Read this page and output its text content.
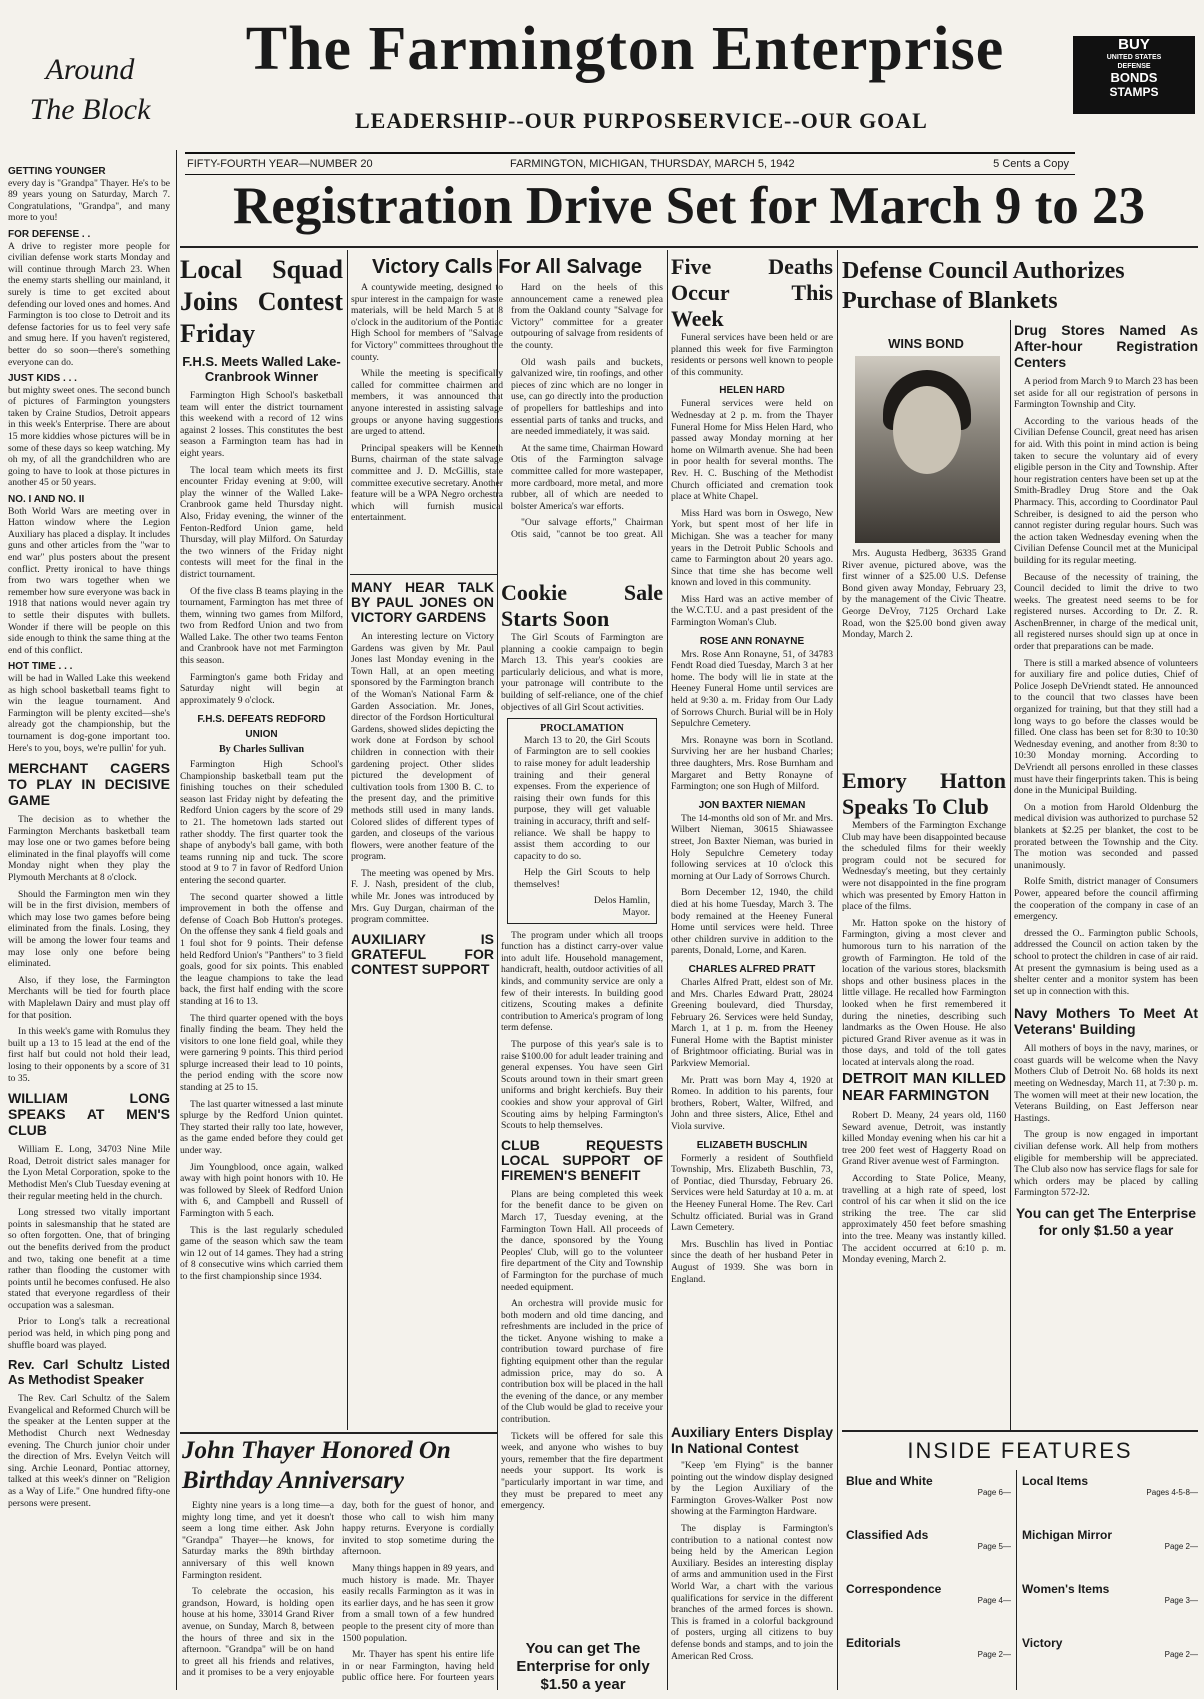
Around
The Block
The Farmington Enterprise
LEADERSHIP--OUR PURPOSE
SERVICE--OUR GOAL
BUY
UNITED STATES
DEFENSE
BONDS
STAMPS
FIFTY-FOURTH YEAR—NUMBER 20	FARMINGTON, MICHIGAN, THURSDAY, MARCH 5, 1942	5 Cents a Copy
Registration Drive Set for March 9 to 23
GETTING YOUNGER

every day is "Grandpa" Thayer. He's to be 89 years young on Saturday, March 7. Congratulations, "Grandpa", and many more to you!

FOR DEFENSE . .

A drive to register more people for civilian defense work starts Monday and will continue through March 23. When the enemy starts shelling our mainland, it surely is time to get excited about defending our loved ones and homes. And Farmington is too close to Detroit and its defense factories for us to feel very safe and smug here. If you haven't registered, better do so soon—there's something everyone can do.

JUST KIDS . . .

but mighty sweet ones. The second bunch of pictures of Farmington youngsters taken by Craine Studios, Detroit appears in this week's Enterprise. There are about 15 more kiddies whose pictures will be in some of these days so keep watching. My oh my, of all the grandchildren who are going to have to look at those pictures in another 45 or 50 years.

NO. I AND NO. II

Both World Wars are meeting over in Hatton window where the Legion Auxiliary has placed a display. It includes guns and other articles from the "war to end war" plus posters about the present conflict. Pretty ironical to have things from two wars together when we remember how sure everyone was back in 1918 that nations would never again try to settle their disputes with bullets. Wonder if there will be people on this side enough to think the same thing at the end of this conflict.

HOT TIME . . .

will be had in Walled Lake this weekend as high school basketball teams fight to win the league tournament. And Farmington will be plenty excited—she's already got the championship, but the tournament is dog-gone important too. Here's to you, boys, we're pullin' for yuh.

MERCHANT CAGERS TO PLAY IN DECISIVE GAME

The decision as to whether the Farmington Merchants basketball team may lose one or two games before being eliminated in the final playoffs will come Monday night when they play the Plymouth Merchants at 8 o'clock.

Should the Farmington men win they will be in the first division, members of which may lose two games before being eliminated from the finals. Losing, they will be among the lower four teams and may lose only one before being eliminated.

Also, if they lose, the Farmington Merchants will be tied for fourth place with Maplelawn Dairy and must play off for that position.

In this week's game with Romulus they built up a 13 to 15 lead at the end of the first half but could not hold their lead, losing to their opponents by a score of 31 to 35.

WILLIAM LONG SPEAKS AT MEN'S CLUB

William E. Long, 34703 Nine Mile Road, Detroit district sales manager for the Lyon Metal Corporation, spoke to the Methodist Men's Club Tuesday evening at their regular meeting held in the church.

Long stressed two vitally important points in salesmanship that he stated are so often forgotten. One, that of bringing out the benefits derived from the product and two, taking one benefit at a time rather than flooding the customer with points until he becomes confused. He also stated that everyone regardless of their occupation was a salesman.

Prior to Long's talk a recreational period was held, in which ping pong and shuffle board was played.

Rev. Carl Schultz Listed As Methodist Speaker

The Rev. Carl Schultz of the Salem Evangelical and Reformed Church will be the speaker at the Lenten supper at the Methodist Church next Wednesday evening. The Church junior choir under the direction of Mrs. Evelyn Veitch will sing. Archie Leonard, Pontiac attorney, talked at this week's dinner on "Religion as a Way of Life." One hundred fifty-one persons were present.

Local Squad Joins Contest Friday
F.H.S. Meets Walled Lake-Cranbrook Winner

Farmington High School's basketball team will enter the district tournament this weekend with a record of 12 wins against 2 losses. This constitutes the best season a Farmington team has had in eight years.

The local team which meets its first encounter Friday evening at 9:00, will play the winner of the Walled Lake-Cranbrook game held Thursday night. Also, Friday evening, the winner of the Fenton-Redford Union game, held Thursday, will play Milford. On Saturday the two winners of the Friday night contests will meet for the final in the district tournament.

Of the five class B teams playing in the tournament, Farmington has met three of them, winning two games from Milford, two from Redford Union and two from Walled Lake. The other two teams Fenton and Cranbrook have not met Farmington this season.

Farmington's game both Friday and Saturday night will begin at approximately 9 o'clock.

F.H.S. DEFEATS REDFORD UNION
By Charles Sullivan

Farmington High School's Championship basketball team put the finishing touches on their scheduled season last Friday night by defeating the Redford Union cagers by the score of 29 to 21. The hometown lads started out rather shoddy. The first quarter took the shape of anybody's ball game, with both teams running nip and tuck. The score stood at 9 to 7 in favor of Redford Union entering the second quarter.

The second quarter showed a little improvement in both the offense and defense of Coach Bob Hutton's proteges. On the offense they sank 4 field goals and 1 foul shot for 9 points. Their defense held Redford Union's "Panthers" to 3 field goals, good for six points. This enabled the league champions to take the lead back, the first half ending with the score standing at 16 to 13.

The third quarter opened with the boys finally finding the beam. They held the visitors to one lone field goal, while they were garnering 9 points. This third period splurge increased their lead to 10 points, the period ending with the score now standing at 25 to 15.

The last quarter witnessed a last minute splurge by the Redford Union quintet. They started their rally too late, however, as the game ended before they could get under way.

Jim Youngblood, once again, walked away with high point honors with 10. He was followed by Sleek of Redford Union with 6, and Campbell and Russell of Farmington with 5 each.

This is the last regularly scheduled game of the season which saw the team win 12 out of 14 games. They had a string of 8 consecutive wins which carried them to the first championship since 1934.

Victory Calls For All Salvage

A countywide meeting, designed to spur interest in the campaign for waste materials, will be held March 5 at 8 o'clock in the auditorium of the Pontiac High School for members of "Salvage for Victory" committees throughout the county.

While the meeting is specifically called for committee chairmen and members, it was announced that anyone interested in assisting salvage groups or anyone having suggestions are urged to attend.

Principal speakers will be Kenneth Burns, chairman of the state salvage committee and J. D. McGillis, state committee executive secretary. Another feature will be a WPA Negro orchestra which will furnish musical entertainment.

Hard on the heels of this announcement came a renewed plea from the Oakland county "Salvage for Victory" committee for a greater outpouring of salvage from residents of the county.

Old wash pails and buckets, galvanized wire, tin roofings, and other pieces of zinc which are no longer in use, can go directly into the production of propellers for battleships and into essential parts of tanks and trucks, and are needed immediately, it was said.

At the same time, Chairman Howard Otis of the Farmington salvage committee called for more wastepaper, more cardboard, more metal, and more rubber, all of which are needed to bolster America's war efforts.

"Our salvage efforts," Chairman Otis said, "cannot be too great. All

MANY HEAR TALK BY PAUL JONES ON VICTORY GARDENS

An interesting lecture on Victory Gardens was given by Mr. Paul Jones last Monday evening in the Town Hall, at an open meeting sponsored by the Farmington branch of the Woman's National Farm & Garden Association. Mr. Jones, director of the Fordson Horticultural Gardens, showed slides depicting the work done at Fordson by school children in connection with their gardening project. Other slides pictured the development of cultivation tools from 1300 B. C. to the present day, and the primitive methods still used in many lands. Colored slides of different types of garden, and closeups of the various flowers, were another feature of the program.

The meeting was opened by Mrs. F. J. Nash, president of the club, while Mr. Jones was introduced by Mrs. Guy Durgan, chairman of the program committee.

AUXILIARY IS GRATEFUL FOR CONTEST SUPPORT

Cookie Sale Starts Soon

The Girl Scouts of Farmington are planning a cookie campaign to begin March 13. This year's cookies are particularly delicious, and what is more, your patronage will contribute to the building of self-reliance, one of the chief objectives of all Girl Scout activities.

PROCLAMATION

March 13 to 20, the Girl Scouts of Farmington are to sell cookies to raise money for adult leadership training and their general expenses. From the experience of raising their own funds for this purpose, they will get valuable training in accuracy, thrift and self-reliance. We shall be happy to assist them according to our capacity to do so.

Help the Girl Scouts to help themselves!

Delos Hamlin,
Mayor.

The program under which all troops function has a distinct carry-over value into adult life. Household management, handicraft, health, outdoor activities of all kinds, and community service are only a few of their interests. In building good citizens, Scouting makes a definite contribution to America's program of long term defense.

The purpose of this year's sale is to raise $100.00 for adult leader training and general expenses. You have seen Girl Scouts around town in their smart green uniforms and bright kerchiefs. Buy their cookies and show your approval of Girl Scouting aims by helping Farmington's Scouts to help themselves.

CLUB REQUESTS LOCAL SUPPORT OF FIREMEN'S BENEFIT

Plans are being completed this week for the benefit dance to be given on March 17, Tuesday evening, at the Farmington Town Hall. All proceeds of the dance, sponsored by the Young Peoples' Club, will go to the volunteer fire department of the City and Township of Farmington for the purchase of much needed equipment.

An orchestra will provide music for both modern and old time dancing, and refreshments are included in the price of the ticket. Anyone wishing to make a contribution toward purchase of fire fighting equipment other than the regular admission price, may do so. A contribution box will be placed in the hall the evening of the dance, or any member of the Club would be glad to receive your contribution.

Tickets will be offered for sale this week, and anyone who wishes to buy yours, remember that the fire department needs your support. Its work is "particularly important in war time, and they must be prepared to meet any emergency.

You can get The Enterprise for only $1.50 a year
John Thayer Honored On Birthday Anniversary

Eighty nine years is a long time—a mighty long time, and yet it doesn't seem a long time either. Ask John "Grandpa" Thayer—he knows, for Saturday marks the 89th birthday anniversary of this well known Farmington resident.

To celebrate the occasion, his grandson, Howard, is holding open house at his home, 33014 Grand River avenue, on Sunday, March 8, between the hours of three and six in the afternoon. "Grandpa" will be on hand to greet all his friends and relatives, and it promises to be a very enjoyable day, both for the guest of honor, and those who call to wish him many happy returns. Everyone is cordially invited to stop sometime during the afternoon.

Many things happen in 89 years, and much history is made. Mr. Thayer easily recalls Farmington as it was in its earlier days, and he has seen it grow from a small town of a few hundred people to the present city of more than 1500 population.

Mr. Thayer has spent his entire life in or near Farmington, having held public office here. For fourteen years

Five Deaths Occur This Week

Funeral services have been held or are planned this week for five Farmington residents or persons well known to people of this community.

HELEN HARD

Funeral services were held on Wednesday at 2 p. m. from the Thayer Funeral Home for Miss Helen Hard, who passed away Monday morning at her home on Wilmarth avenue. She had been in poor health for several months. The Rev. H. C. Busching of the Methodist Church officiated and cremation took place at White Chapel.

Miss Hard was born in Oswego, New York, but spent most of her life in Michigan. She was a teacher for many years in the Detroit Public Schools and came to Farmington about 20 years ago. Since that time she has become well known and loved in this community.

Miss Hard was an active member of the W.C.T.U. and a past president of the Farmington Woman's Club.

ROSE ANN RONAYNE

Mrs. Rose Ann Ronayne, 51, of 34783 Fendt Road died Tuesday, March 3 at her home. The body will lie in state at the Heeney Funeral Home until services are held at 9:30 a. m. Friday from Our Lady of Sorrows Church. Burial will be in Holy Sepulchre Cemetery.

Mrs. Ronayne was born in Scotland. Surviving her are her husband Charles; three daughters, Mrs. Rose Burnham and Margaret and Betty Ronayne of Farmington; one son Hugh of Milford.

JON BAXTER NIEMAN

The 14-months old son of Mr. and Mrs. Wilbert Nieman, 30615 Shiawassee street, Jon Baxter Nieman, was buried in Holy Sepulchre Cemetery today following services at 10 o'clock this morning at Our Lady of Sorrows Church.

Born December 12, 1940, the child died at his home Tuesday, March 3. The body remained at the Heeney Funeral Home until services were held. Three other children survive in addition to the parents, Donald, Lorne, and Karen.

CHARLES ALFRED PRATT

Charles Alfred Pratt, eldest son of Mr. and Mrs. Charles Edward Pratt, 28024 Greening boulevard, died Thursday, February 26. Services were held Sunday, March 1, at 1 p. m. from the Heeney Funeral Home with the Baptist minister of Brightmoor officiating. Burial was in Parkview Memorial.

Mr. Pratt was born May 4, 1920 at Romeo. In addition to his parents, four brothers, Robert, Walter, Wilfred, and John and three sisters, Alice, Ethel and Viola survive.

ELIZABETH BUSCHLIN

Formerly a resident of Southfield Township, Mrs. Elizabeth Buschlin, 73, of Pontiac, died Thursday, February 26. Services were held Saturday at 10 a. m. at the Heeney Funeral Home. The Rev. Carl Schultz officiated. Burial was in Grand Lawn Cemetery.

Mrs. Buschlin has lived in Pontiac since the death of her husband Peter in August of 1939. She was born in England.

Auxiliary Enters Display In National Contest

"Keep 'em Flying" is the banner pointing out the window display designed by the Legion Auxiliary of the Farmington Groves-Walker Post now showing at the Farmington Hardware.

The display is Farmington's contribution to a national contest now being held by the American Legion Auxiliary. Besides an interesting display of arms and ammunition used in the First World War, a chart with the various qualifications for service in the different branches of the armed forces is shown. This is framed in a colorful background of posters, urging all citizens to buy defense bonds and stamps, and to join the American Red Cross.

Defense Council Authorizes Purchase of Blankets
WINS BOND

Mrs. Augusta Hedberg, 36335 Grand River avenue, pictured above, was the first winner of a $25.00 U.S. Defense Bond given away Monday, February 23, by the management of the Civic Theatre. George DeVroy, 7125 Orchard Lake Road, won the $25.00 bond given away Monday, March 2.

Emory Hatton Speaks To Club

Members of the Farmington Exchange Club may have been disappointed because the scheduled films for their weekly program could not be secured for Wednesday's meeting, but they certainly were not disappointed in the fine program which was presented by Emory Hatton in place of the films.

Mr. Hatton spoke on the history of Farmington, giving a most clever and humorous turn to his narration of the growth of Farmington. He told of the location of the various stores, blacksmith shops and other business places in the little village. He recalled how Farmington looked when he first remembered it during the nineties, describing such landmarks as the Owen House. He also pictured Grand River avenue as it was in those days, and told of the toll gates located at intervals along the road.

DETROIT MAN KILLED NEAR FARMINGTON

Robert D. Meany, 24 years old, 1160 Seward avenue, Detroit, was instantly killed Monday evening when his car hit a tree 200 feet west of Haggerty Road on Grand River avenue west of Farmington.

According to State Police, Meany, travelling at a high rate of speed, lost control of his car when it slid on the ice striking the tree. The car slid approximately 450 feet before smashing into the tree. Meany was instantly killed. The accident occurred at 6:10 p. m. Monday evening, March 2.

Drug Stores Named As After-hour Registration Centers

A period from March 9 to March 23 has been set aside for all our registration of persons in Farmington Township and City.

According to the various heads of the Civilian Defense Council, great need has arisen for aid. With this point in mind action is being taken to secure the voluntary aid of every eligible person in the City and Township. After hour registration centers have been set up at the Smith-Bradley Drug Store and the Oak Pharmacy. This, according to Coordinator Paul Schreiber, is designed to aid the person who cannot register during regular hours. Such was the action taken Wednesday evening when the Civilian Defense Council met at the Municipal building for its regular meeting.

Because of the necessity of training, the Council decided to limit the drive to two weeks. The greatest need seems to be for registered nurses. According to Dr. Z. R. AschenBrenner, in charge of the medical unit, all registered nurses should sign up at once in order that preparations can be made.

There is still a marked absence of volunteers for auxiliary fire and police duties, Chief of Police Joseph DeVriendt stated. He announced to the council that two classes have been organized for training, but that they still had a long ways to go before the classes would be filled. One class has been set for 8:30 to 10:30 Wednesday evening, and another from 8:30 to 10:30 Monday morning. According to DeVriendt all persons enrolled in these classes must have their fingerprints taken. This is being done in the Municipal Building.

On a motion from Harold Oldenburg the medical division was authorized to purchase 52 blankets at $2.25 per blanket, the cost to be prorated between the Township and the City. The motion was seconded and passed unanimously.

Rolfe Smith, district manager of Consumers Power, appeared before the council affirming the cooperation of the company in case of an emergency.

dressed the O.. Farmington public Schools, addressed the Council on action taken by the school to protect the children in case of air raid. At present the gymnasium is being used as a shelter center and a monitor system has been set up in connection with this.

Navy Mothers To Meet At Veterans' Building

All mothers of boys in the navy, marines, or coast guards will be welcome when the Navy Mothers Club of Detroit No. 68 holds its next meeting on Wednesday, March 11, at 7:30 p. m. The women will meet at their new location, the Veterans Building, on East Jefferson near Hastings.

The group is now engaged in important civilian defense work. All help from mothers eligible for membership will be appreciated. The Club also now has service flags for sale for which orders may be placed by calling Farmington 572-J2.

You can get The Enterprise for only $1.50 a year
INSIDE FEATURES
Blue and White
Page 6—
Classified Ads
Page 5—
Correspondence
Page 4—
Editorials
Page 2—
Local Items
Pages 4-5-8—
Michigan Mirror
Page 2—
Women's Items
Page 3—
Victory
Page 2—
